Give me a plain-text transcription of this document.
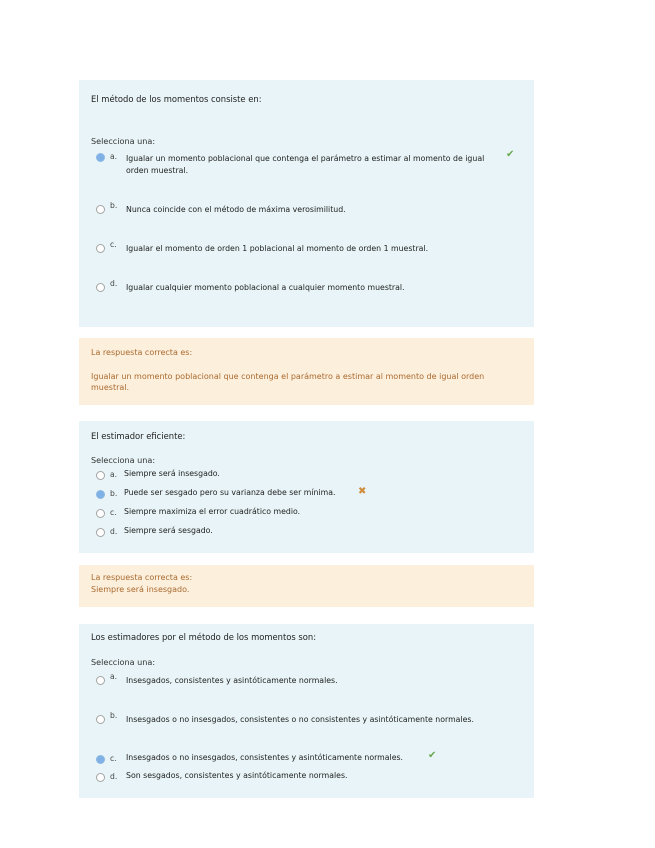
El método de los momentos consiste en:
Selecciona una:
a. Igualar un momento poblacional que contenga el parámetro a estimar al momento de igual orden muestral.
✔
b. Nunca coincide con el método de máxima verosimilitud.
c. Igualar el momento de orden 1 poblacional al momento de orden 1 muestral.
d. Igualar cualquier momento poblacional a cualquier momento muestral.
La respuesta correcta es:
Igualar un momento poblacional que contenga el parámetro a estimar al momento de igual orden muestral.
El estimador eficiente:
Selecciona una:
a. Siempre será insesgado.
b. Puede ser sesgado pero su varianza debe ser mínima. ✖
c. Siempre maximiza el error cuadrático medio.
d. Siempre será sesgado.
La respuesta correcta es:
Siempre será insesgado.
Los estimadores por el método de los momentos son:
Selecciona una:
a. Insesgados, consistentes y asintóticamente normales.
b. Insesgados o no insesgados, consistentes o no consistentes y asintóticamente normales.
c. Insesgados o no insesgados, consistentes y asintóticamente normales. ✔
d. Son sesgados, consistentes y asintóticamente normales.
